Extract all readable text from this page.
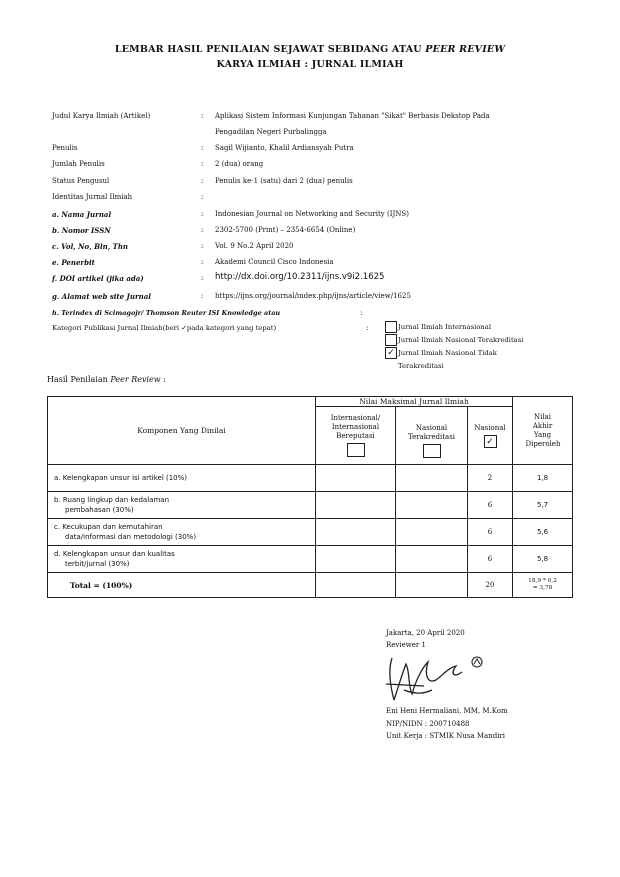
LEMBAR HASIL PENILAIAN SEJAWAT SEBIDANG ATAU PEER REVIEW
KARYA ILMIAH : JURNAL ILMIAH
Judul Karya Ilmiah (Artikel)	: Aplikasi Sistem Informasi Kunjungan Tahanan "Sikat" Berbasis Dekstop Pada
Pengadilan Negeri Purbalingga
Penulis	: Sagil Wijianto, Khalil Ardiansyah Putra
Jumlah Penulis	: 2 (dua) orang
Status Pengusul	: Penulis ke-1 (satu) dari 2 (dua) penulis
Identitas Jurnal Ilmiah	:
a. Nama Jurnal	: Indonesian Journal on Networking and Security (IJNS)
b. Nomor ISSN	: 2302-5700 (Print) – 2354-6654 (Online)
c. Vol, No, Bln, Thn	: Vol. 9 No.2 April 2020
e. Penerbit	: Akademi Council Cisco Indonesia
f. DOI artikel (jika ada)	: http://dx.doi.org/10.2311/ijns.v9i2.1625
g. Alamat web site Jurnal	: https://ijns.org/journal/index.php/ijns/article/view/1625
h. Terindex di Scimagojr/ Thomson Reuter ISI Knowledge atau	:
Kategori Publikasi Jurnal Ilmiah(beri ✓pada kategori yang tepat)	:	Jurnal Ilmiah Internasional
Jurnal Ilmiah Nasional Terakreditasi
✓ Jurnal Ilmiah Nasional Tidak
Terakreditasi
Hasil Penilaian Peer Review :
Komponen Yang Dinilai	Nilai Maksimal Jurnal Ilmiah			Nilai Akhir Yang Diperoleh

	Internasional/ Internasional Bereputasi	Nasional Terakreditasi	Nasional ✓	

a. Kelengkapan unsur isi artikel (10%)			2	1,8

b. Ruang lingkup dan kedalaman
pembahasan (30%)			6	5,7

c. Kecukupan dan kemutahiran
data/informasi dan metodologi (30%)			6	5,6

d. Kelengkapan unsur dan kualitas
terbit/jurnal (30%)			6	5,8
Total = (100%)			20	18,9 * 0,2
= 3,78
Jakarta, 20 April 2020
Reviewer 1
Eni Heni Hermaliani, MM, M.Kom
NIP/NIDN : 200710488
Unit Kerja : STMIK Nusa Mandiri
